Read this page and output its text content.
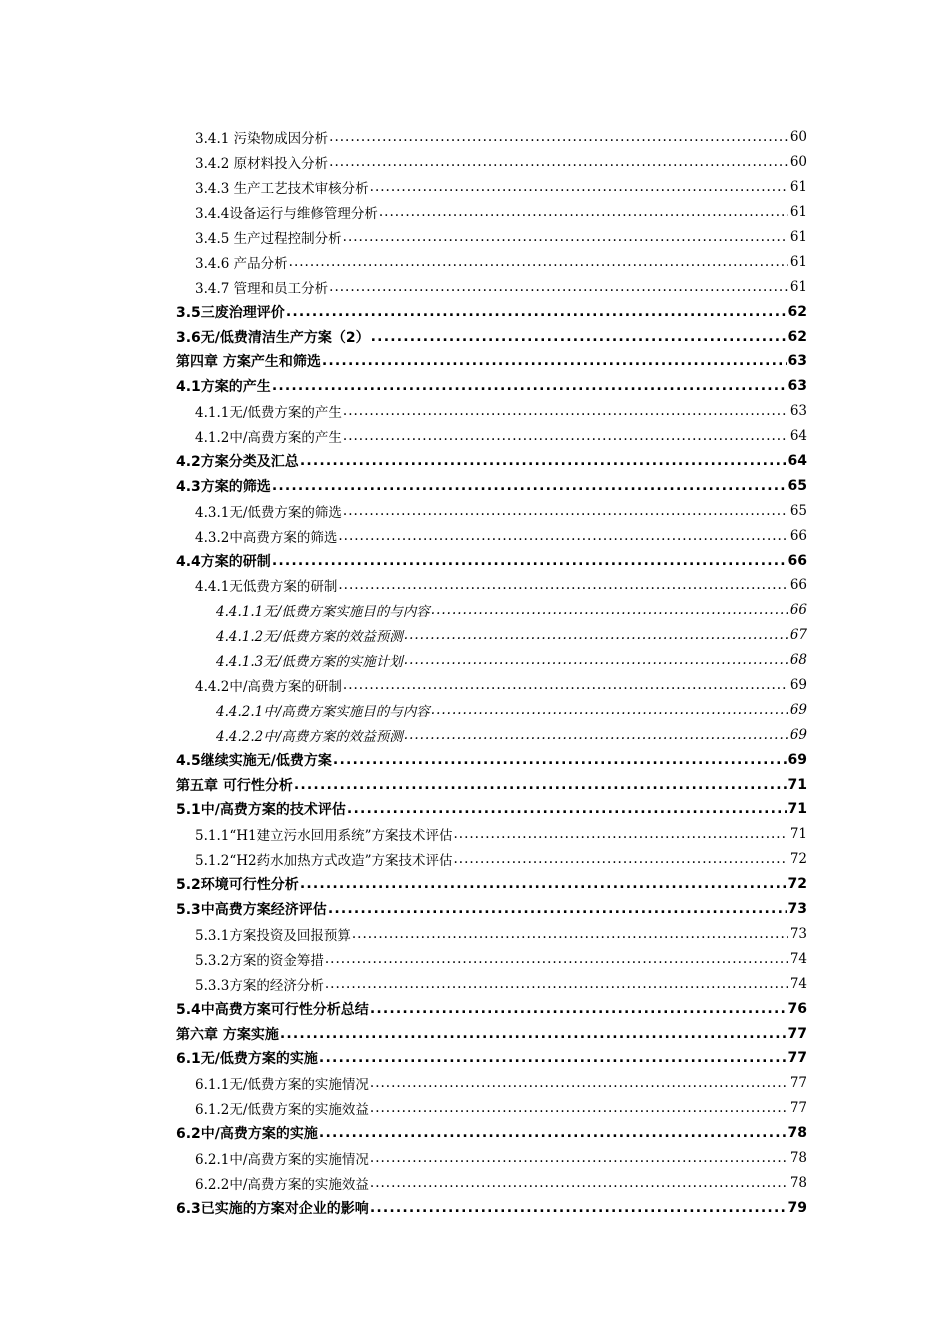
3.4.1 污染物成因分析 .....	60
3.4.2 原材料投入分析 .....	60
3.4.3 生产工艺技术审核分析 .....	61
3.4.4设备运行与维修管理分析 .....	61
3.4.5 生产过程控制分析 .....	61
3.4.6 产品分析 .....	61
3.4.7 管理和员工分析 .....	61
3.5三废治理评价 .....	62
3.6无/低费清洁生产方案（2） .....	62
第四章 方案产生和筛选 .....	63
4.1方案的产生 .....	63
4.1.1无/低费方案的产生 .....	63
4.1.2中/高费方案的产生 .....	64
4.2方案分类及汇总 .....	64
4.3方案的筛选 .....	65
4.3.1无/低费方案的筛选 .....	65
4.3.2中高费方案的筛选 .....	66
4.4方案的研制 .....	66
4.4.1无低费方案的研制 .....	66
4.4.1.1无/低费方案实施目的与内容 .....	66
4.4.1.2无/低费方案的效益预测 .....	67
4.4.1.3无/低费方案的实施计划 .....	68
4.4.2中/高费方案的研制 .....	69
4.4.2.1中/高费方案实施目的与内容 .....	69
4.4.2.2中/高费方案的效益预测 .....	69
4.5继续实施无/低费方案 .....	69
第五章 可行性分析 .....	71
5.1中/高费方案的技术评估 .....	71
5.1.1“H1建立污水回用系统”方案技术评估 .....	71
5.1.2“H2药水加热方式改造”方案技术评估 .....	72
5.2环境可行性分析 .....	72
5.3中高费方案经济评估 .....	73
5.3.1方案投资及回报预算 .....	73
5.3.2方案的资金筹措 .....	74
5.3.3方案的经济分析 .....	74
5.4中高费方案可行性分析总结 .....	76
第六章 方案实施 .....	77
6.1无/低费方案的实施 .....	77
6.1.1无/低费方案的实施情况 .....	77
6.1.2无/低费方案的实施效益 .....	77
6.2中/高费方案的实施 .....	78
6.2.1中/高费方案的实施情况 .....	78
6.2.2中/高费方案的实施效益 .....	78
6.3已实施的方案对企业的影响 .....	79
